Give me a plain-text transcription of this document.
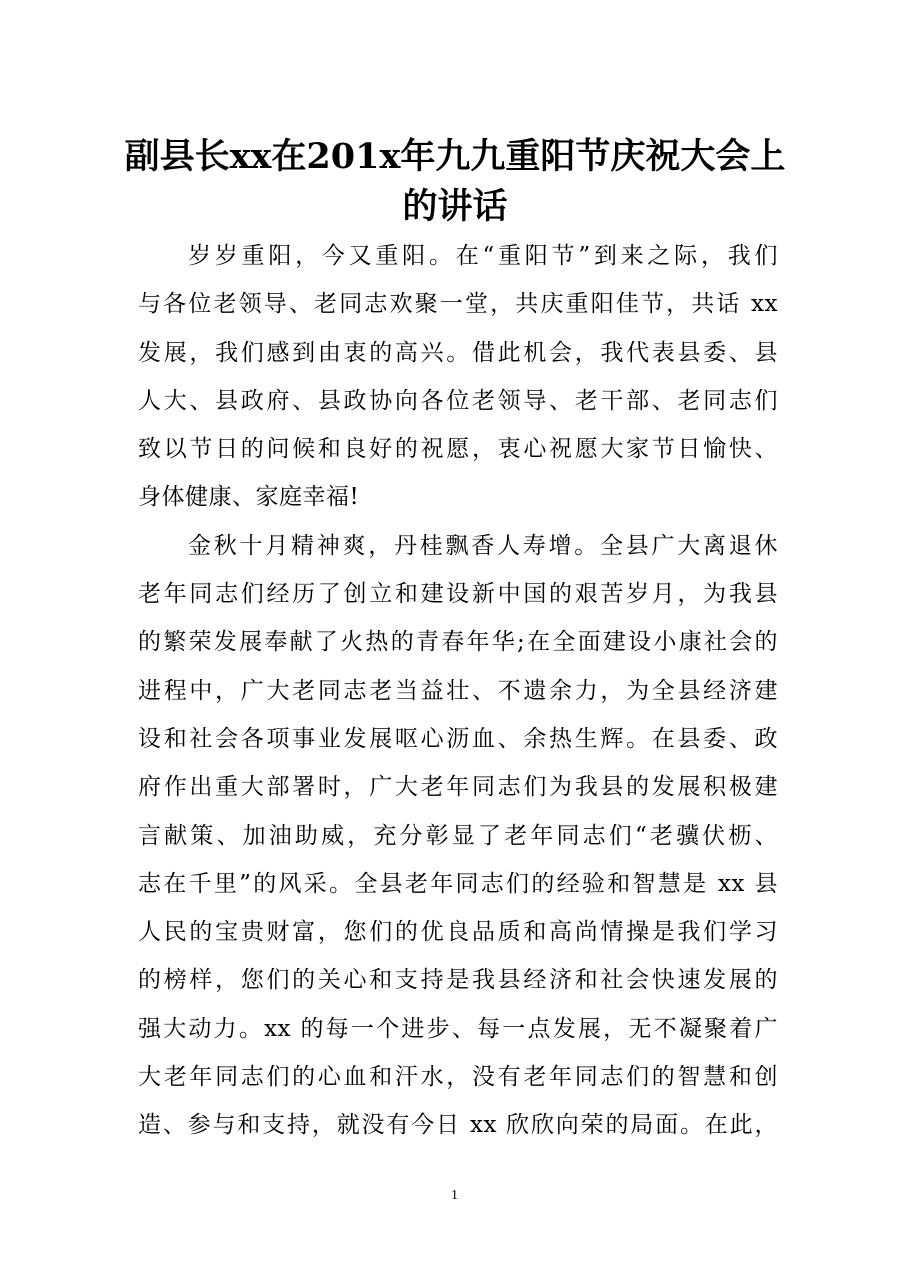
副县长xx在201x年九九重阳节庆祝大会上
的讲话
岁岁重阳，今又重阳。在“重阳节”到来之际，我们
与各位老领导、老同志欢聚一堂，共庆重阳佳节，共话 xx
发展，我们感到由衷的高兴。借此机会，我代表县委、县
人大、县政府、县政协向各位老领导、老干部、老同志们
致以节日的问候和良好的祝愿，衷心祝愿大家节日愉快、
身体健康、家庭幸福!
金秋十月精神爽，丹桂飘香人寿增。全县广大离退休
老年同志们经历了创立和建设新中国的艰苦岁月，为我县
的繁荣发展奉献了火热的青春年华;在全面建设小康社会的
进程中，广大老同志老当益壮、不遗余力，为全县经济建
设和社会各项事业发展呕心沥血、余热生辉。在县委、政
府作出重大部署时，广大老年同志们为我县的发展积极建
言献策、加油助威，充分彰显了老年同志们“老骥伏枥、
志在千里”的风采。全县老年同志们的经验和智慧是 xx 县
人民的宝贵财富，您们的优良品质和高尚情操是我们学习
的榜样，您们的关心和支持是我县经济和社会快速发展的
强大动力。xx 的每一个进步、每一点发展，无不凝聚着广
大老年同志们的心血和汗水，没有老年同志们的智慧和创
造、参与和支持，就没有今日 xx 欣欣向荣的局面。在此，
1
